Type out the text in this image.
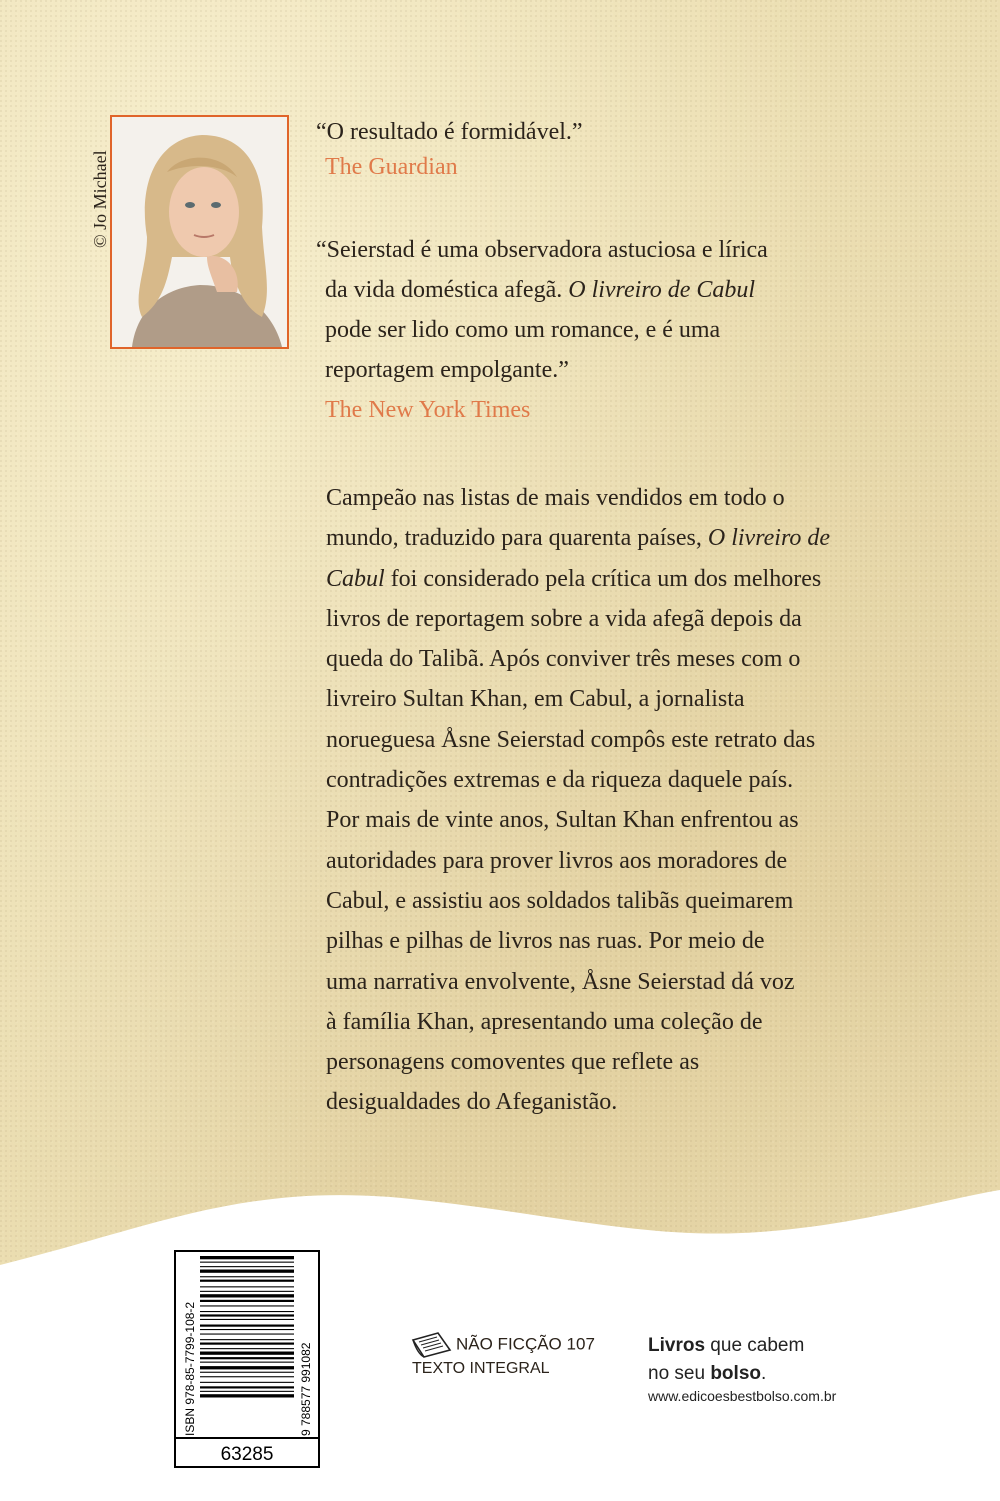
© Jo Michael
“O resultado é formidável.”
The Guardian
“Seierstad é uma observadora astuciosa e lírica
da vida doméstica afegã. O livreiro de Cabul
pode ser lido como um romance, e é uma
reportagem empolgante.”
The New York Times
Campeão nas listas de mais vendidos em todo o
mundo, traduzido para quarenta países, O livreiro de
Cabul foi considerado pela crítica um dos melhores
livros de reportagem sobre a vida afegã depois da
queda do Talibã. Após conviver três meses com o
livreiro Sultan Khan, em Cabul, a jornalista
norueguesa Åsne Seierstad compôs este retrato das
contradições extremas e da riqueza daquele país.
Por mais de vinte anos, Sultan Khan enfrentou as
autoridades para prover livros aos moradores de
Cabul, e assistiu aos soldados talibãs queimarem
pilhas e pilhas de livros nas ruas. Por meio de
uma narrativa envolvente, Åsne Seierstad dá voz
à família Khan, apresentando uma coleção de
personagens comoventes que reflete as
desigualdades do Afeganistão.
63285
ISBN 978-85-7799-108-2	9 788577 991082	NÃO FICÇÃO 107
TEXTO INTEGRAL
Livros que cabem
no seu bolso.
www.edicoesbestbolso.com.br
